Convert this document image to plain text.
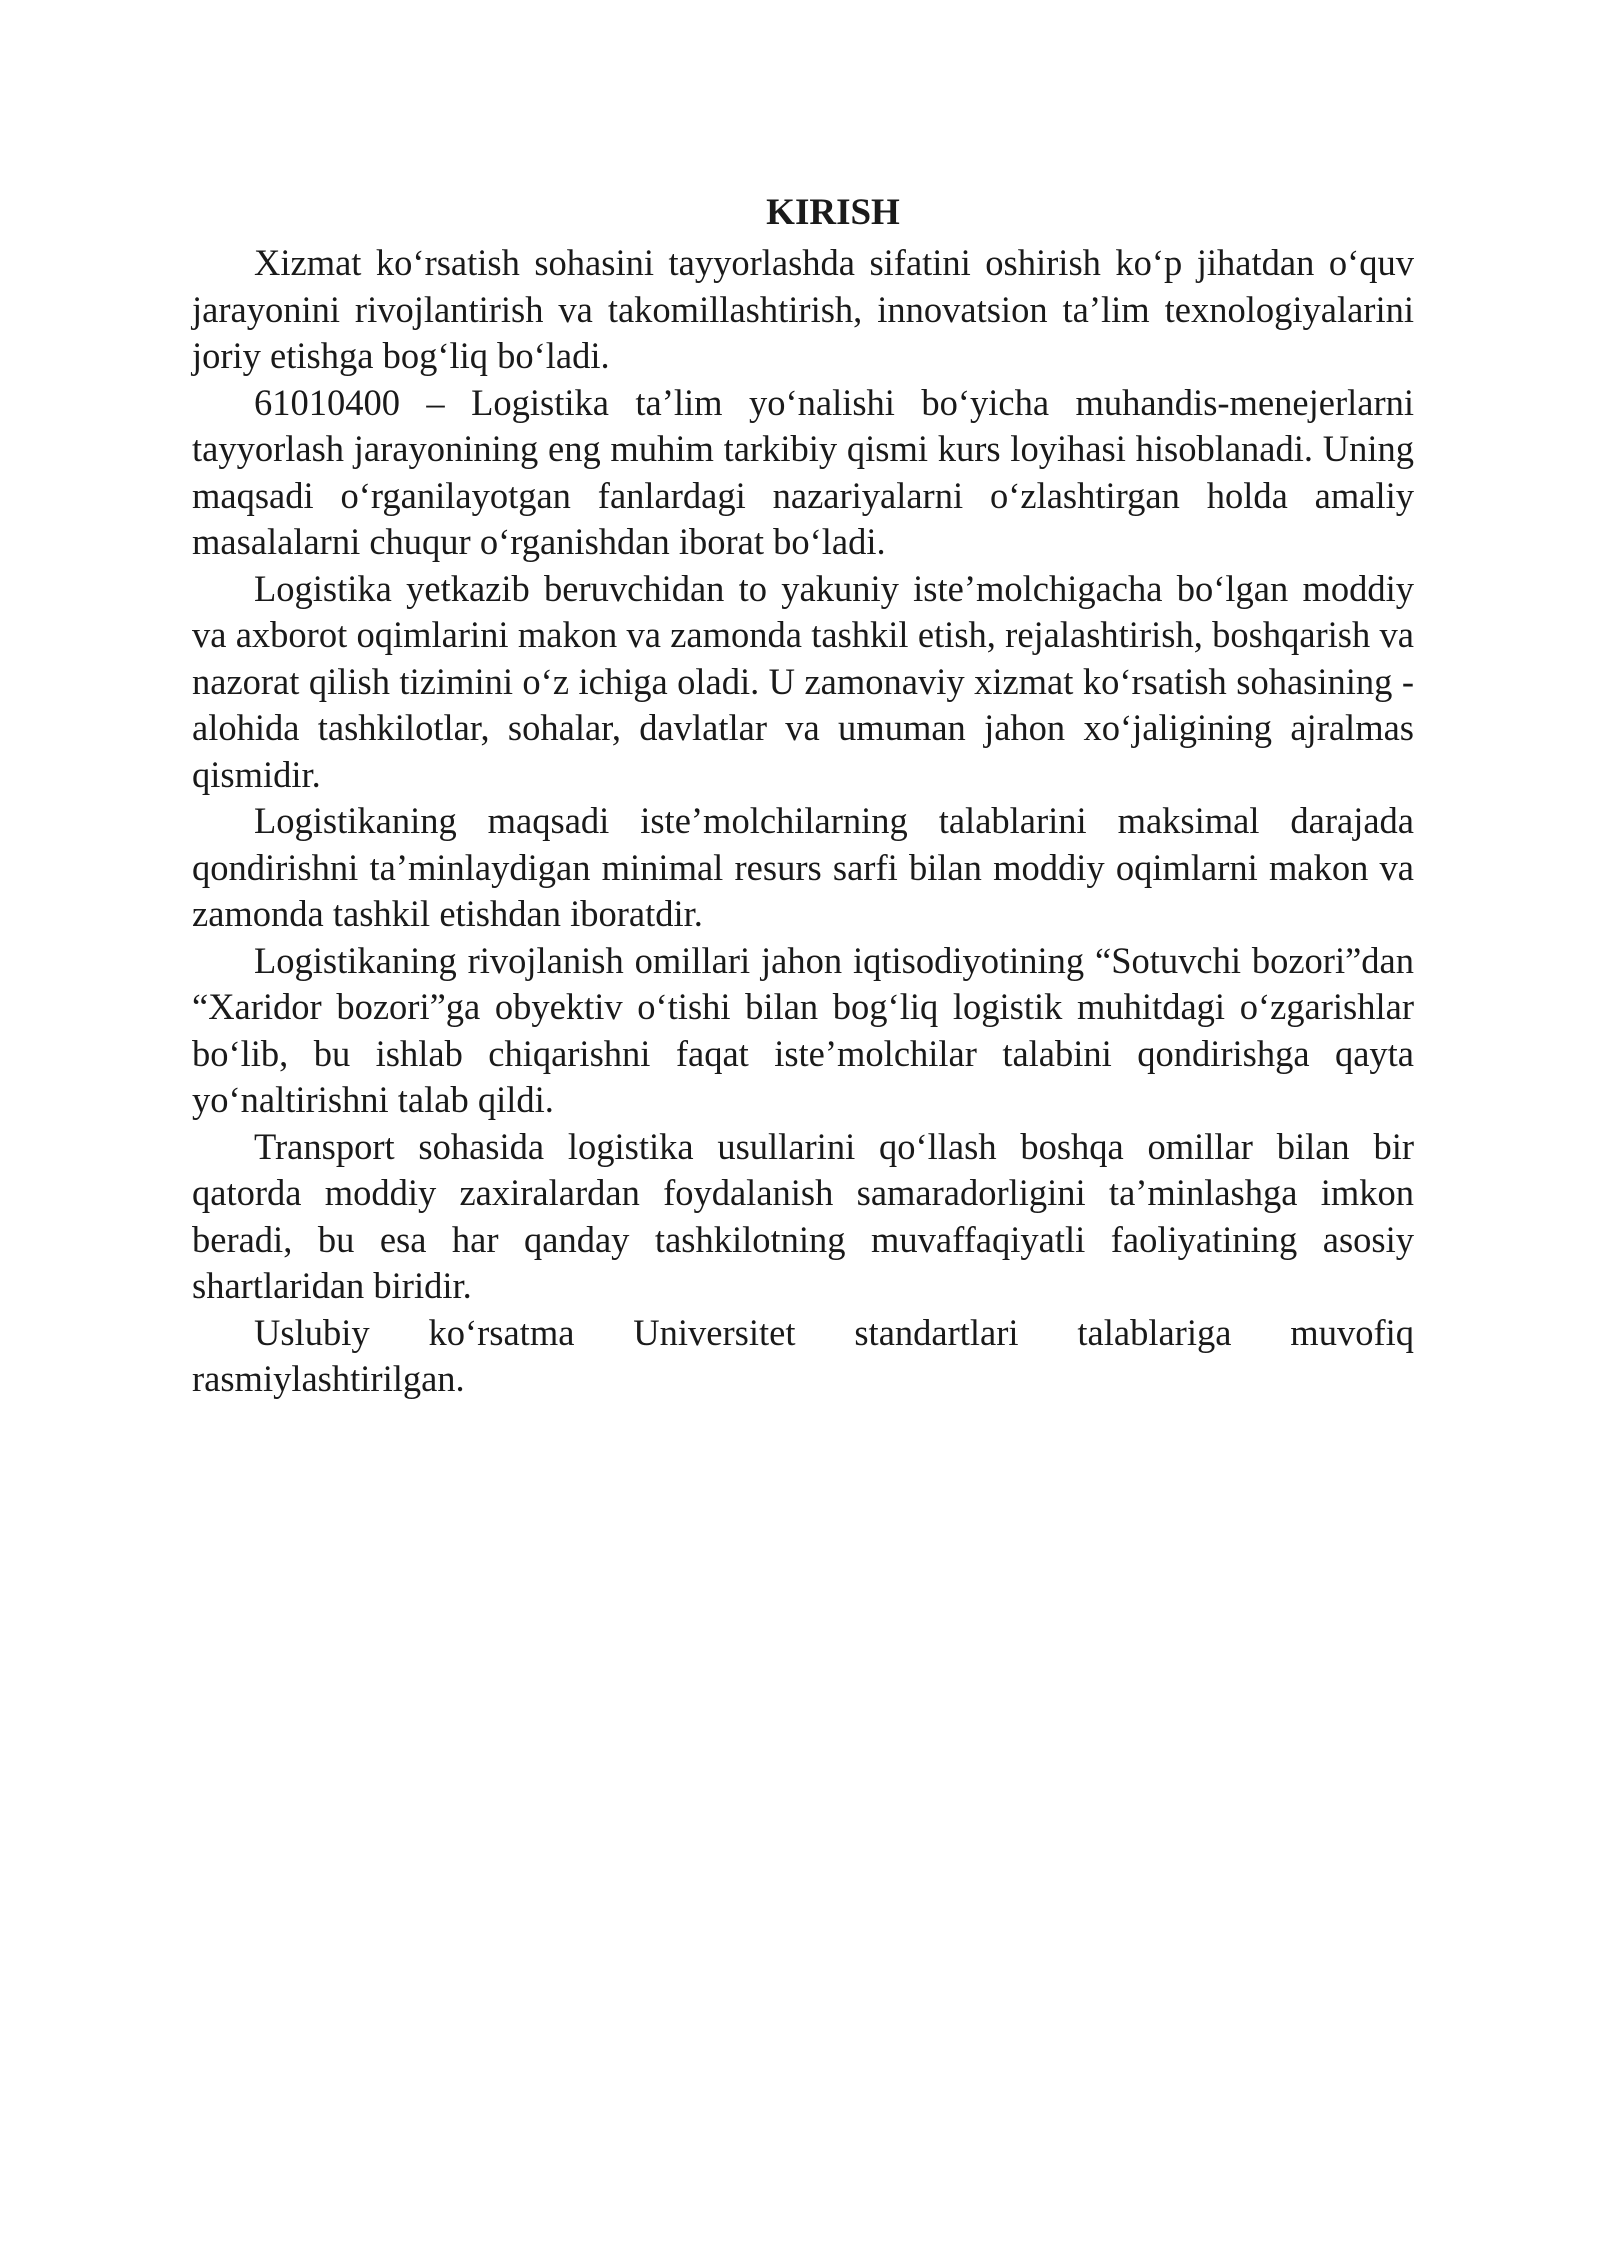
KIRISH

Xizmat ko‘rsatish sohasini tayyorlashda sifatini oshirish ko‘p jihatdan o‘quv jarayonini rivojlantirish va takomillashtirish, innovatsion ta’lim texnologiyalarini joriy etishga bog‘liq bo‘ladi.

61010400 – Logistika ta’lim yo‘nalishi bo‘yicha muhandis-menejerlarni tayyorlash jarayonining eng muhim tarkibiy qismi kurs loyihasi hisoblanadi. Uning maqsadi o‘rganilayotgan fanlardagi nazariyalarni o‘zlashtirgan holda amaliy masalalarni chuqur o‘rganishdan iborat bo‘ladi.

Logistika yetkazib beruvchidan to yakuniy iste’molchigacha bo‘lgan moddiy va axborot oqimlarini makon va zamonda tashkil etish, rejalashtirish, boshqarish va nazorat qilish tizimini o‘z ichiga oladi. U zamonaviy xizmat ko‘rsatish sohasining - alohida tashkilotlar, sohalar, davlatlar va umuman jahon xo‘jaligining ajralmas qismidir.

Logistikaning maqsadi iste’molchilarning talablarini maksimal darajada qondirishni ta’minlaydigan minimal resurs sarfi bilan moddiy oqimlarni makon va zamonda tashkil etishdan iboratdir.

Logistikaning rivojlanish omillari jahon iqtisodiyotining “Sotuvchi bozori”dan “Xaridor bozori”ga obyektiv o‘tishi bilan bog‘liq logistik muhitdagi o‘zgarishlar bo‘lib, bu ishlab chiqarishni faqat iste’molchilar talabini qondirishga qayta yo‘naltirishni talab qildi.

Transport sohasida logistika usullarini qo‘llash boshqa omillar bilan bir qatorda moddiy zaxiralardan foydalanish samaradorligini ta’minlashga imkon beradi, bu esa har qanday tashkilotning muvaffaqiyatli faoliyatining asosiy shartlaridan biridir.

Uslubiy ko‘rsatma Universitet standartlari talablariga muvofiq rasmiylashtirilgan.
